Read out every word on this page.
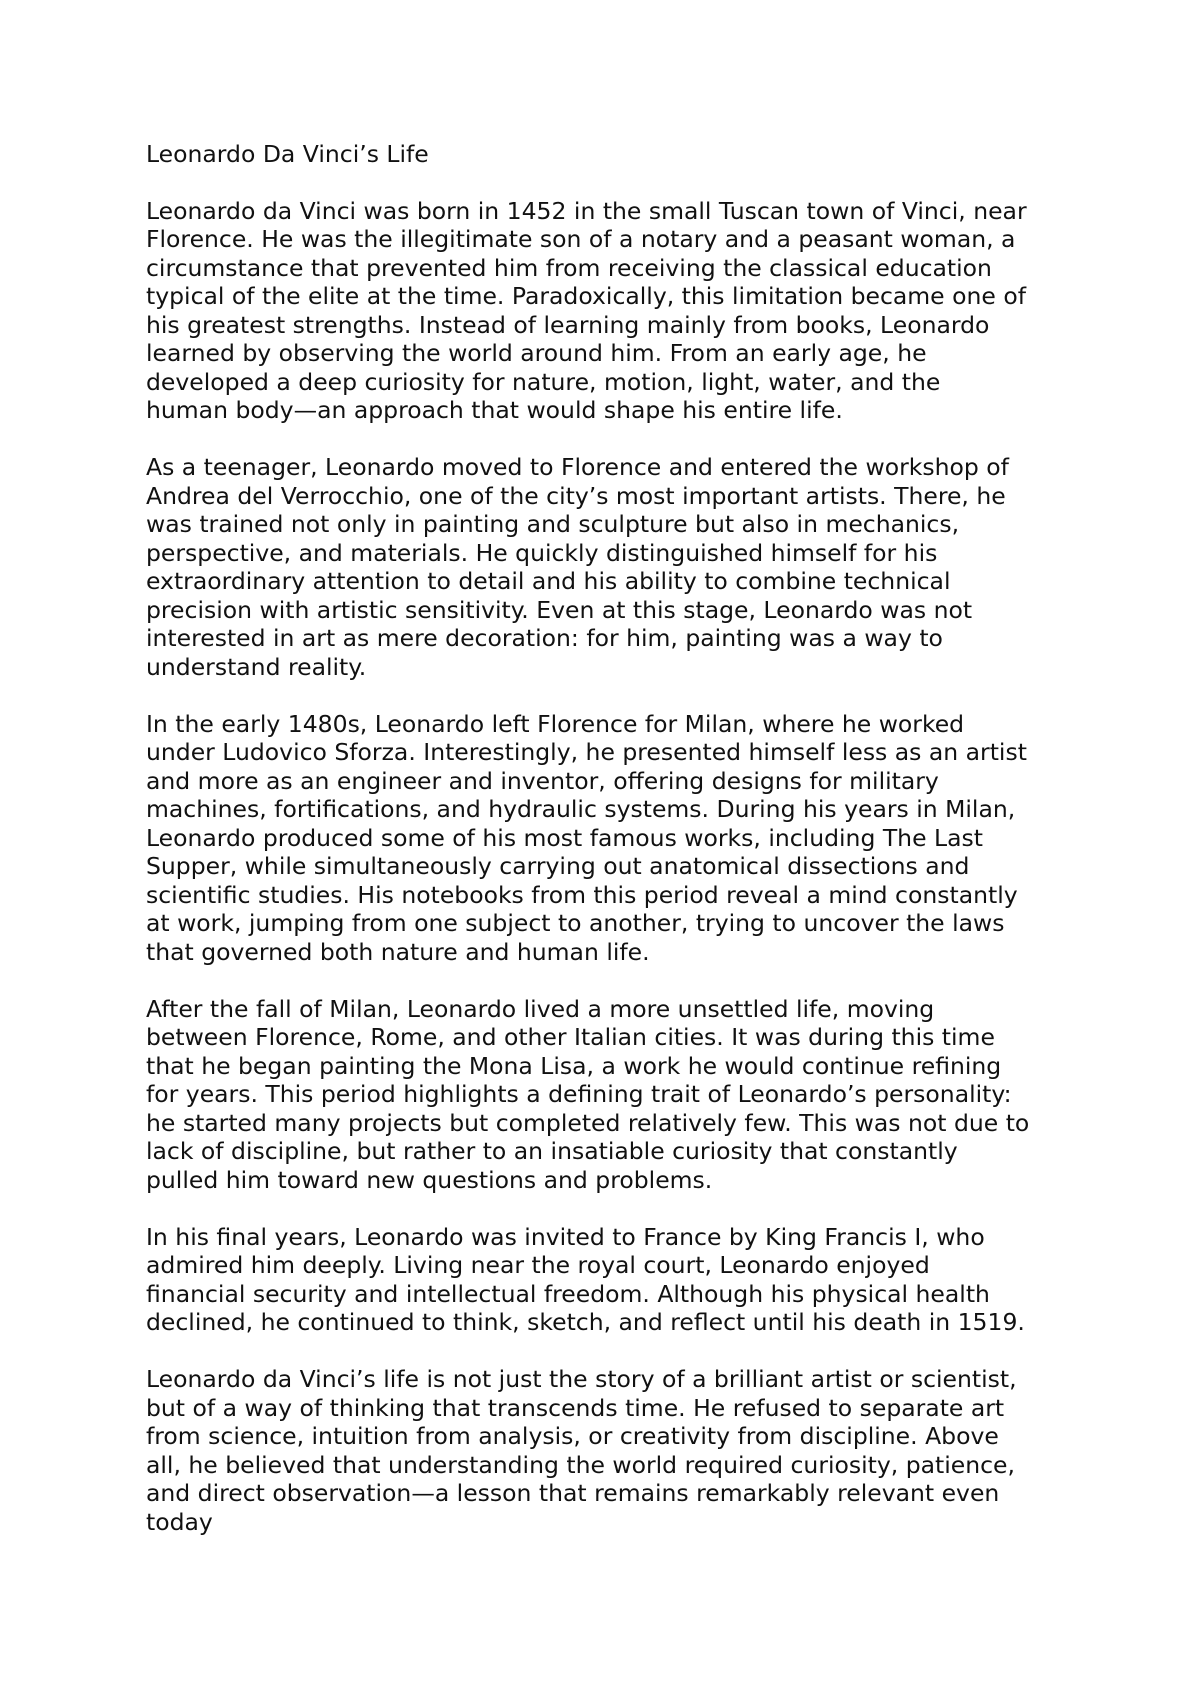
Leonardo Da Vinci’s Life
Leonardo da Vinci was born in 1452 in the small Tuscan town of Vinci, near
Florence. He was the illegitimate son of a notary and a peasant woman, a
circumstance that prevented him from receiving the classical education
typical of the elite at the time. Paradoxically, this limitation became one of
his greatest strengths. Instead of learning mainly from books, Leonardo
learned by observing the world around him. From an early age, he
developed a deep curiosity for nature, motion, light, water, and the
human body—an approach that would shape his entire life.
As a teenager, Leonardo moved to Florence and entered the workshop of
Andrea del Verrocchio, one of the city’s most important artists. There, he
was trained not only in painting and sculpture but also in mechanics,
perspective, and materials. He quickly distinguished himself for his
extraordinary attention to detail and his ability to combine technical
precision with artistic sensitivity. Even at this stage, Leonardo was not
interested in art as mere decoration: for him, painting was a way to
understand reality.
In the early 1480s, Leonardo left Florence for Milan, where he worked
under Ludovico Sforza. Interestingly, he presented himself less as an artist
and more as an engineer and inventor, offering designs for military
machines, fortifications, and hydraulic systems. During his years in Milan,
Leonardo produced some of his most famous works, including The Last
Supper, while simultaneously carrying out anatomical dissections and
scientific studies. His notebooks from this period reveal a mind constantly
at work, jumping from one subject to another, trying to uncover the laws
that governed both nature and human life.
After the fall of Milan, Leonardo lived a more unsettled life, moving
between Florence, Rome, and other Italian cities. It was during this time
that he began painting the Mona Lisa, a work he would continue refining
for years. This period highlights a defining trait of Leonardo’s personality:
he started many projects but completed relatively few. This was not due to
lack of discipline, but rather to an insatiable curiosity that constantly
pulled him toward new questions and problems.
In his final years, Leonardo was invited to France by King Francis I, who
admired him deeply. Living near the royal court, Leonardo enjoyed
financial security and intellectual freedom. Although his physical health
declined, he continued to think, sketch, and reflect until his death in 1519.
Leonardo da Vinci’s life is not just the story of a brilliant artist or scientist,
but of a way of thinking that transcends time. He refused to separate art
from science, intuition from analysis, or creativity from discipline. Above
all, he believed that understanding the world required curiosity, patience,
and direct observation—a lesson that remains remarkably relevant even
today
